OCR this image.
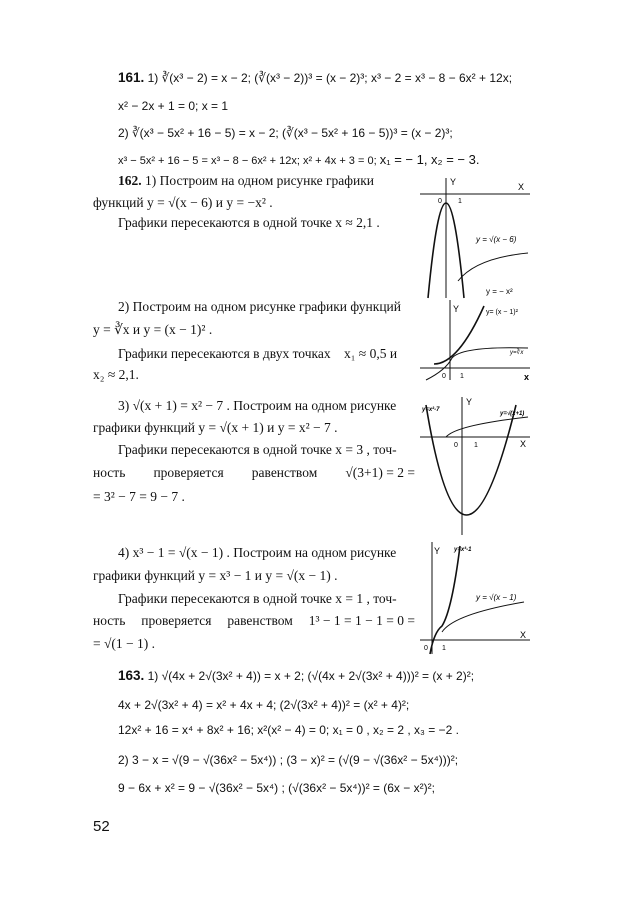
161. 1) ∛(x³ − 2) = x − 2; (∛(x³ − 2))³ = (x − 2)³; x³ − 2 = x³ − 8 − 6x² + 12x;
x² − 2x + 1 = 0; x = 1
2) ∛(x³ − 5x² + 16 − 5) = x − 2; (∛(x³ − 5x² + 16 − 5))³ = (x − 2)³;
x³ − 5x² + 16 − 5 = x³ − 8 − 6x² + 12x; x² + 4x + 3 = 0; x₁ = − 1, x₂ = − 3.
162. 1) Построим на одном рисунке графики
функций y = √(x − 6) и y = −x² .
Графики пересекаются в одной точке x ≈ 2,1 .
2) Построим на одном рисунке графики функций
y = ∛x и y = (x − 1)² .
Графики пересекаются в двух точках x₁ ≈ 0,5 и
x₂ ≈ 2,1.
3) √(x + 1) = x² − 7 . Построим на одном рисунке
графики функций y = √(x + 1) и y = x² − 7 .
Графики пересекаются в одной точке x = 3 , точ-
ность проверяется равенством √(3+1) = 2 =
= 3² − 7 = 9 − 7 .
4) x³ − 1 = √(x − 1) . Построим на одном рисунке
графики функций y = x³ − 1 и y = √(x − 1) .
Графики пересекаются в одной точке x = 1 , точ-
ность проверяется равенством 1³ − 1 = 1 − 1 = 0 =
= √(1 − 1) .
163. 1) √(4x + 2√(3x² + 4)) = x + 2; (√(4x + 2√(3x² + 4)))² = (x + 2)²;
4x + 2√(3x² + 4) = x² + 4x + 4; (2√(3x² + 4))² = (x² + 4)²;
12x² + 16 = x⁴ + 8x² + 16; x²(x² − 4) = 0; x₁ = 0 , x₂ = 2 , x₃ = −2 .
2) 3 − x = √(9 − √(36x² − 5x⁴)) ; (3 − x)² = (√(9 − √(36x² − 5x⁴)))²;
9 − 6x + x² = 9 − √(36x² − 5x⁴) ; (√(36x² − 5x⁴))² = (6x − x²)²;
52
Y	X
0 1
y = √(x − 6)
y = − x²
Y
x
0 1
y= (x − 1)²
y=∛x
Y
X
0 1
y=x²-7
y=√(x+1)
Y
X
0 1
y=x³-1
y = √(x − 1)
